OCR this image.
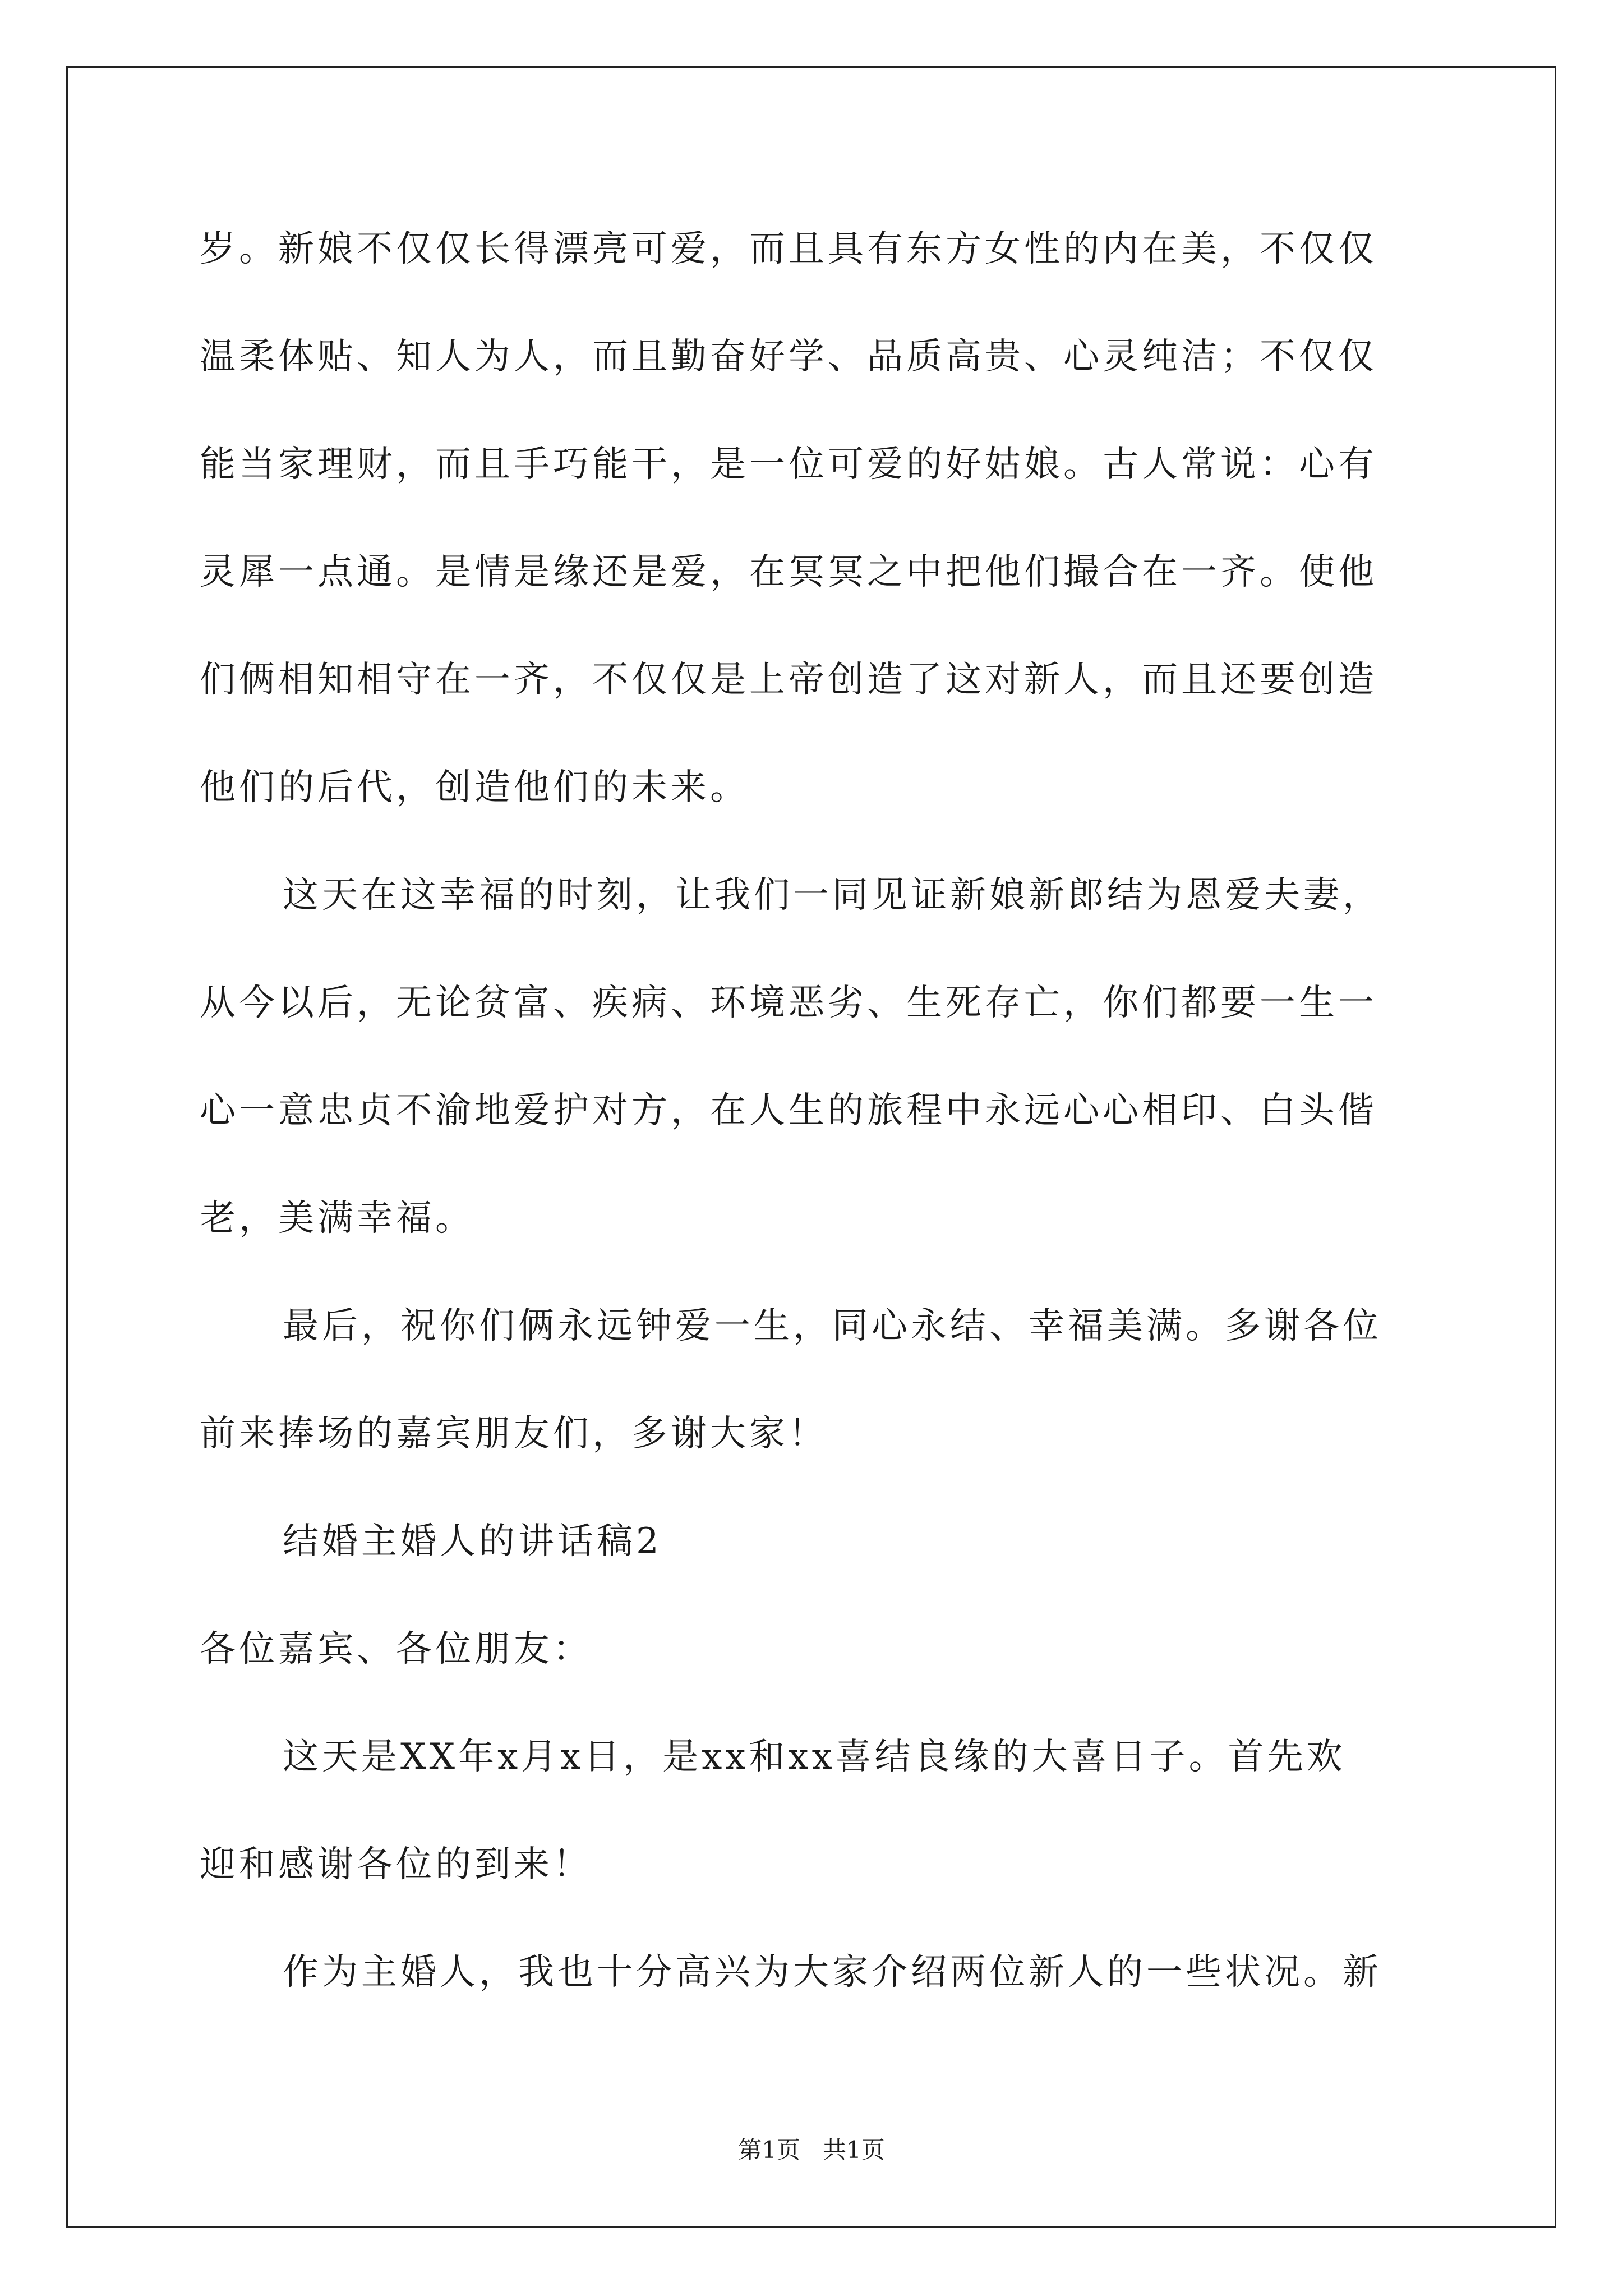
岁。新娘不仅仅长得漂亮可爱，而且具有东方女性的内在美，不仅仅
温柔体贴、知人为人，而且勤奋好学、品质高贵、心灵纯洁；不仅仅
能当家理财，而且手巧能干，是一位可爱的好姑娘。古人常说：心有
灵犀一点通。是情是缘还是爱，在冥冥之中把他们撮合在一齐。使他
们俩相知相守在一齐，不仅仅是上帝创造了这对新人，而且还要创造
他们的后代，创造他们的未来。
这天在这幸福的时刻，让我们一同见证新娘新郎结为恩爱夫妻，
从今以后，无论贫富、疾病、环境恶劣、生死存亡，你们都要一生一
心一意忠贞不渝地爱护对方，在人生的旅程中永远心心相印、白头偕
老，美满幸福。
最后，祝你们俩永远钟爱一生，同心永结、幸福美满。多谢各位
前来捧场的嘉宾朋友们，多谢大家！
结婚主婚人的讲话稿2
各位嘉宾、各位朋友：
这天是XX年x月x日，是xx和xx喜结良缘的大喜日子。首先欢
迎和感谢各位的到来！
作为主婚人，我也十分高兴为大家介绍两位新人的一些状况。新
第1页   共1页
